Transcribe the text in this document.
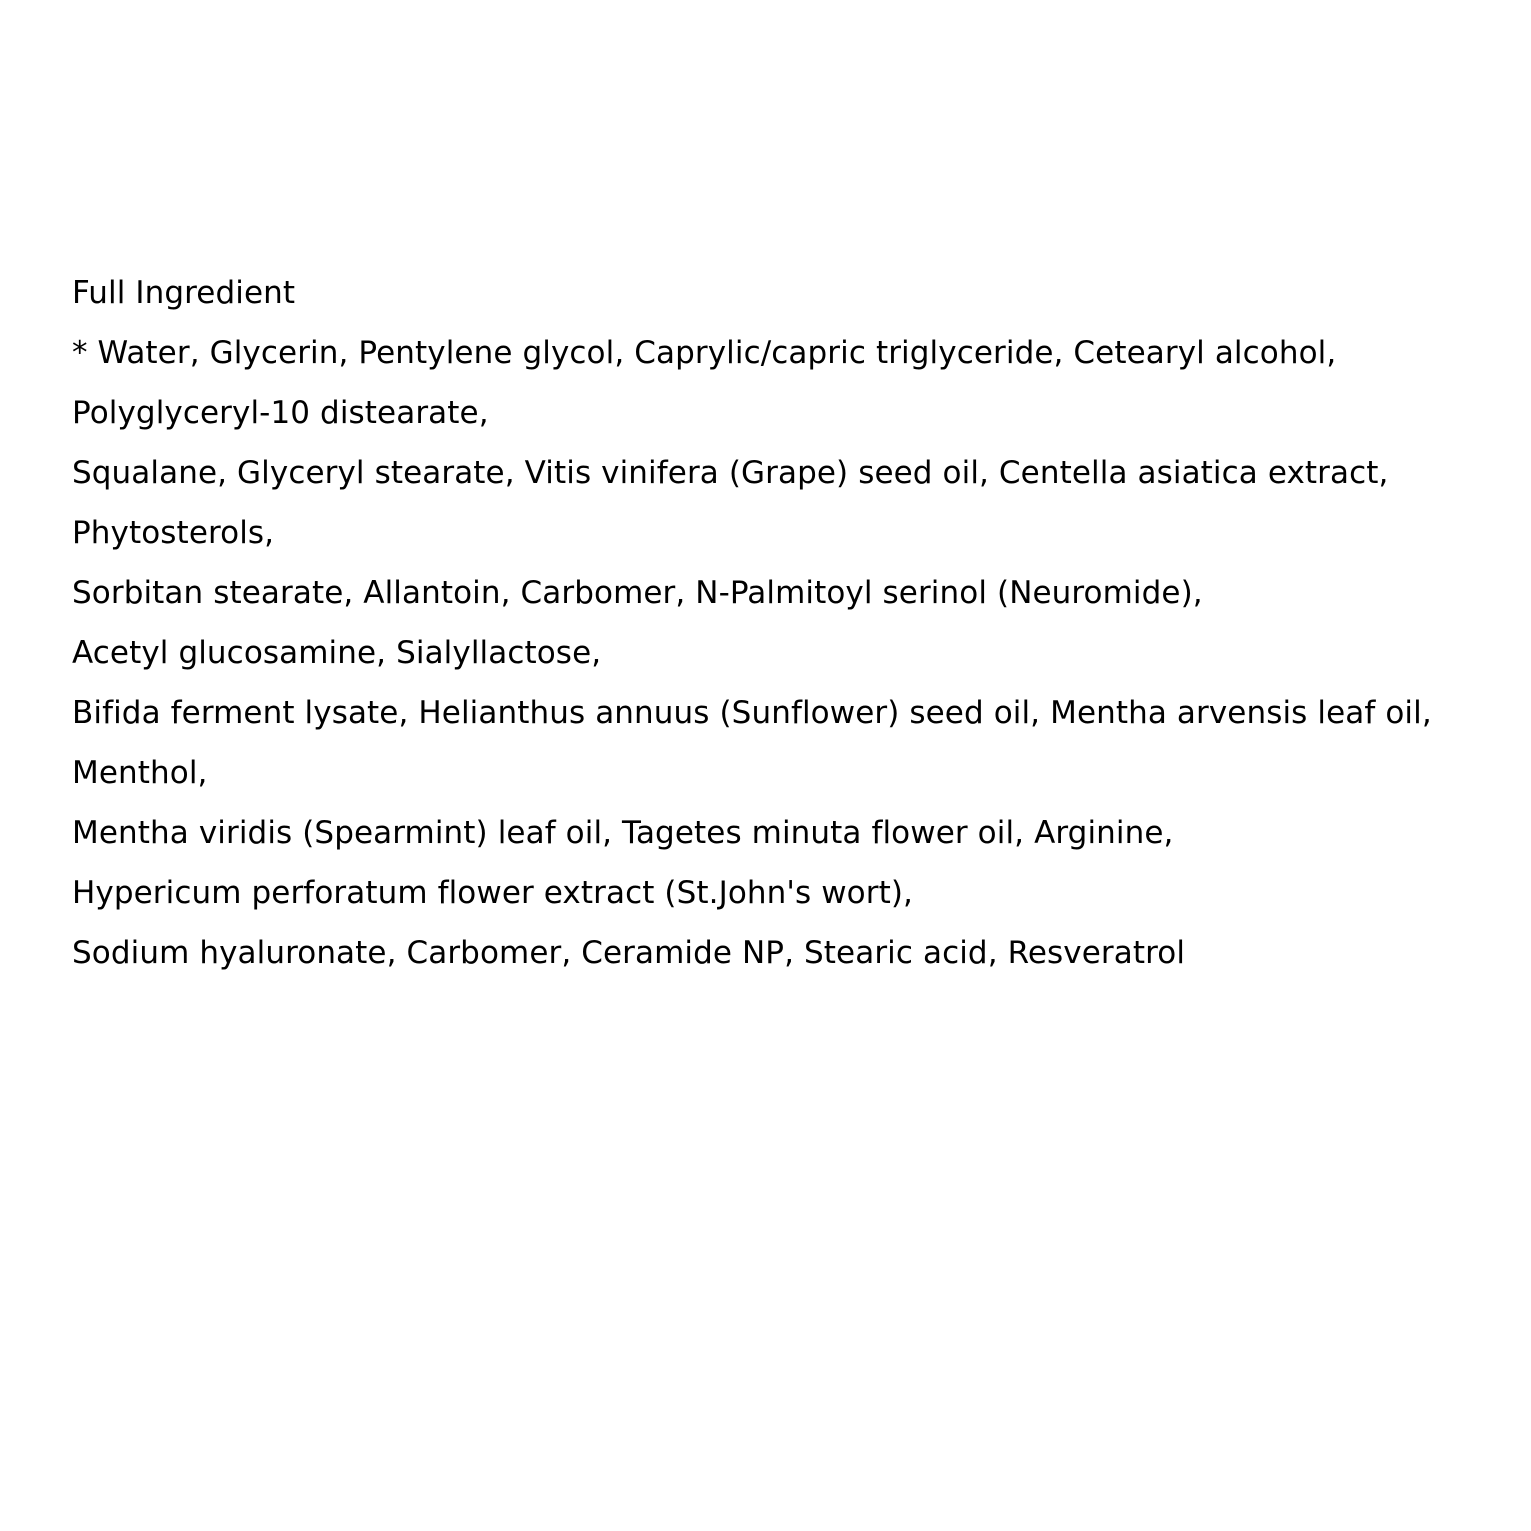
Full Ingredient
* Water, Glycerin, Pentylene glycol, Caprylic/capric triglyceride, Cetearyl alcohol,
Polyglyceryl-10 distearate,
Squalane, Glyceryl stearate, Vitis vinifera (Grape) seed oil, Centella asiatica extract,
Phytosterols,
Sorbitan stearate, Allantoin, Carbomer, N-Palmitoyl serinol (Neuromide),
Acetyl glucosamine, Sialyllactose,
Bifida ferment lysate, Helianthus annuus (Sunflower) seed oil, Mentha arvensis leaf oil,
Menthol,
Mentha viridis (Spearmint) leaf oil, Tagetes minuta flower oil, Arginine,
Hypericum perforatum flower extract (St.John's wort),
Sodium hyaluronate, Carbomer, Ceramide NP, Stearic acid, Resveratrol
